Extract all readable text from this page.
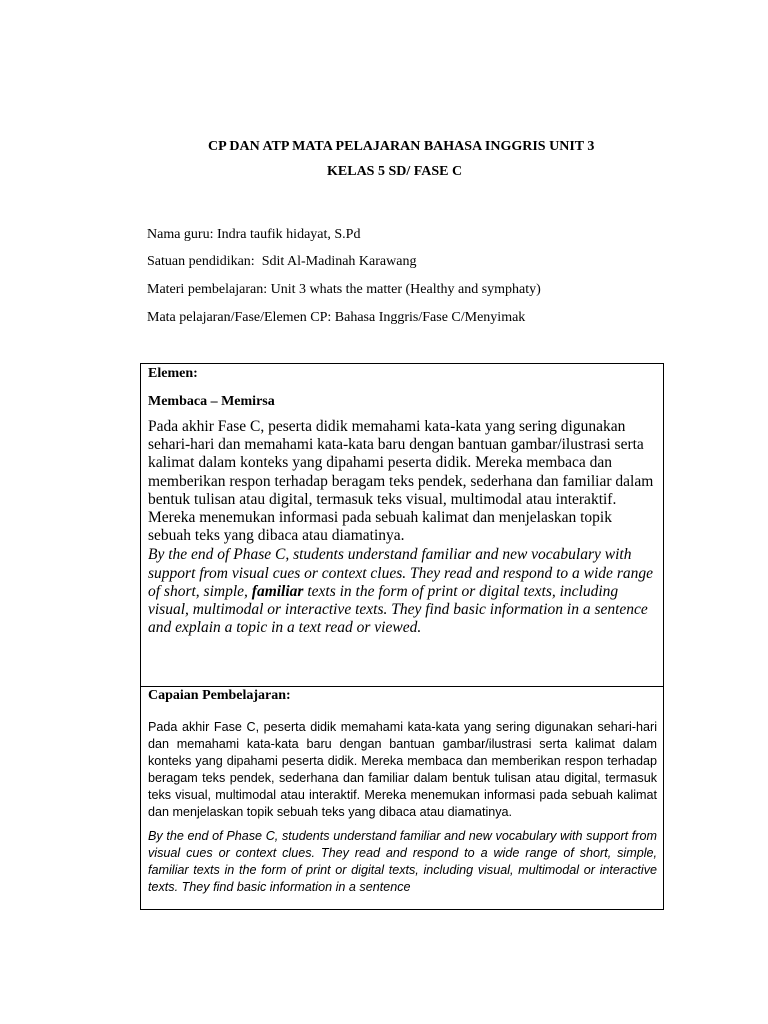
CP DAN ATP MATA PELAJARAN BAHASA INGGRIS UNIT 3
KELAS 5 SD/ FASE C
Nama guru: Indra taufik hidayat, S.Pd
Satuan pendidikan:  Sdit Al-Madinah Karawang
Materi pembelajaran: Unit 3 whats the matter (Healthy and symphaty)
Mata pelajaran/Fase/Elemen CP: Bahasa Inggris/Fase C/Menyimak
Elemen:
Membaca – Memirsa
Pada akhir Fase C, peserta didik memahami kata-kata yang sering digunakan sehari-hari dan memahami kata-kata baru dengan bantuan gambar/ilustrasi serta kalimat dalam konteks yang dipahami peserta didik. Mereka membaca dan memberikan respon terhadap beragam teks pendek, sederhana dan familiar dalam bentuk tulisan atau digital, termasuk teks visual, multimodal atau interaktif. Mereka menemukan informasi pada sebuah kalimat dan menjelaskan topik sebuah teks yang dibaca atau diamatinya.
By the end of Phase C, students understand familiar and new vocabulary with support from visual cues or context clues. They read and respond to a wide range of short, simple, familiar texts in the form of print or digital texts, including visual, multimodal or interactive texts. They find basic information in a sentence and explain a topic in a text read or viewed.
Capaian Pembelajaran:
Pada akhir Fase C, peserta didik memahami kata-kata yang sering digunakan sehari-hari dan memahami kata-kata baru dengan bantuan gambar/ilustrasi serta kalimat dalam konteks yang dipahami peserta didik. Mereka membaca dan memberikan respon terhadap beragam teks pendek, sederhana dan familiar dalam bentuk tulisan atau digital, termasuk teks visual, multimodal atau interaktif. Mereka menemukan informasi pada sebuah kalimat dan menjelaskan topik sebuah teks yang dibaca atau diamatinya.
By the end of Phase C, students understand familiar and new vocabulary with support from visual cues or context clues. They read and respond to a wide range of short, simple, familiar texts in the form of print or digital texts, including visual, multimodal or interactive texts. They find basic information in a sentence
